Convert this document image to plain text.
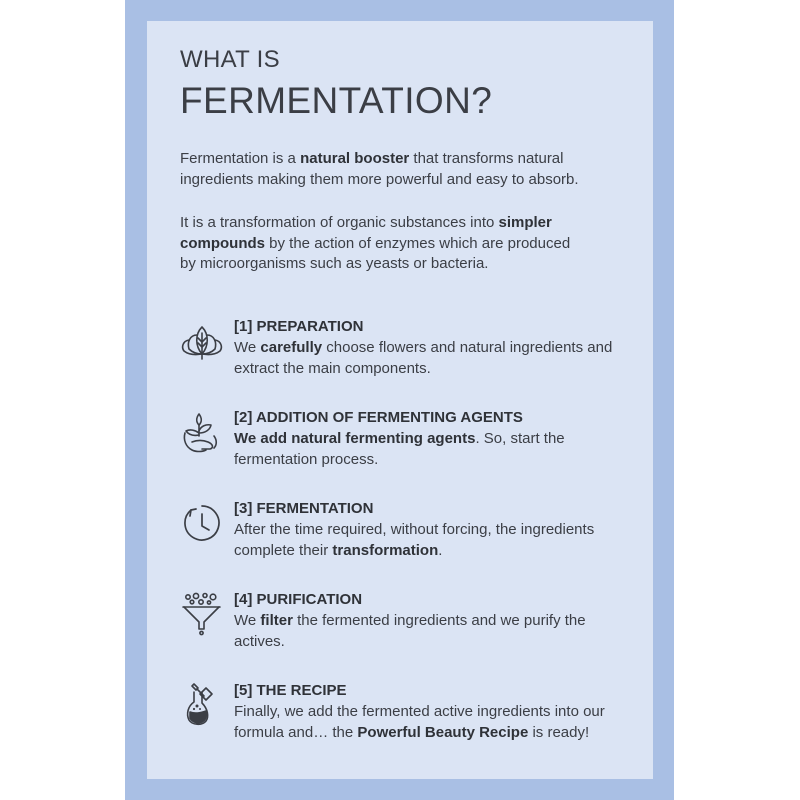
WHAT IS
FERMENTATION?

Fermentation is a natural booster that transforms natural ingredients making them more powerful and easy to absorb.

It is a transformation of organic substances into simpler compounds by the action of enzymes which are produced by microorganisms such as yeasts or bacteria.

[1] PREPARATION

We carefully choose flowers and natural ingredients and extract the main components.

[2] ADDITION OF FERMENTING AGENTS

We add natural fermenting agents. So, start the fermentation process.

[3] FERMENTATION

After the time required, without forcing, the ingredients complete their transformation.

[4] PURIFICATION

We filter the fermented ingredients and we purify the actives.

[5] THE RECIPE

Finally, we add the fermented active ingredients into our formula and… the Powerful Beauty Recipe is ready!
